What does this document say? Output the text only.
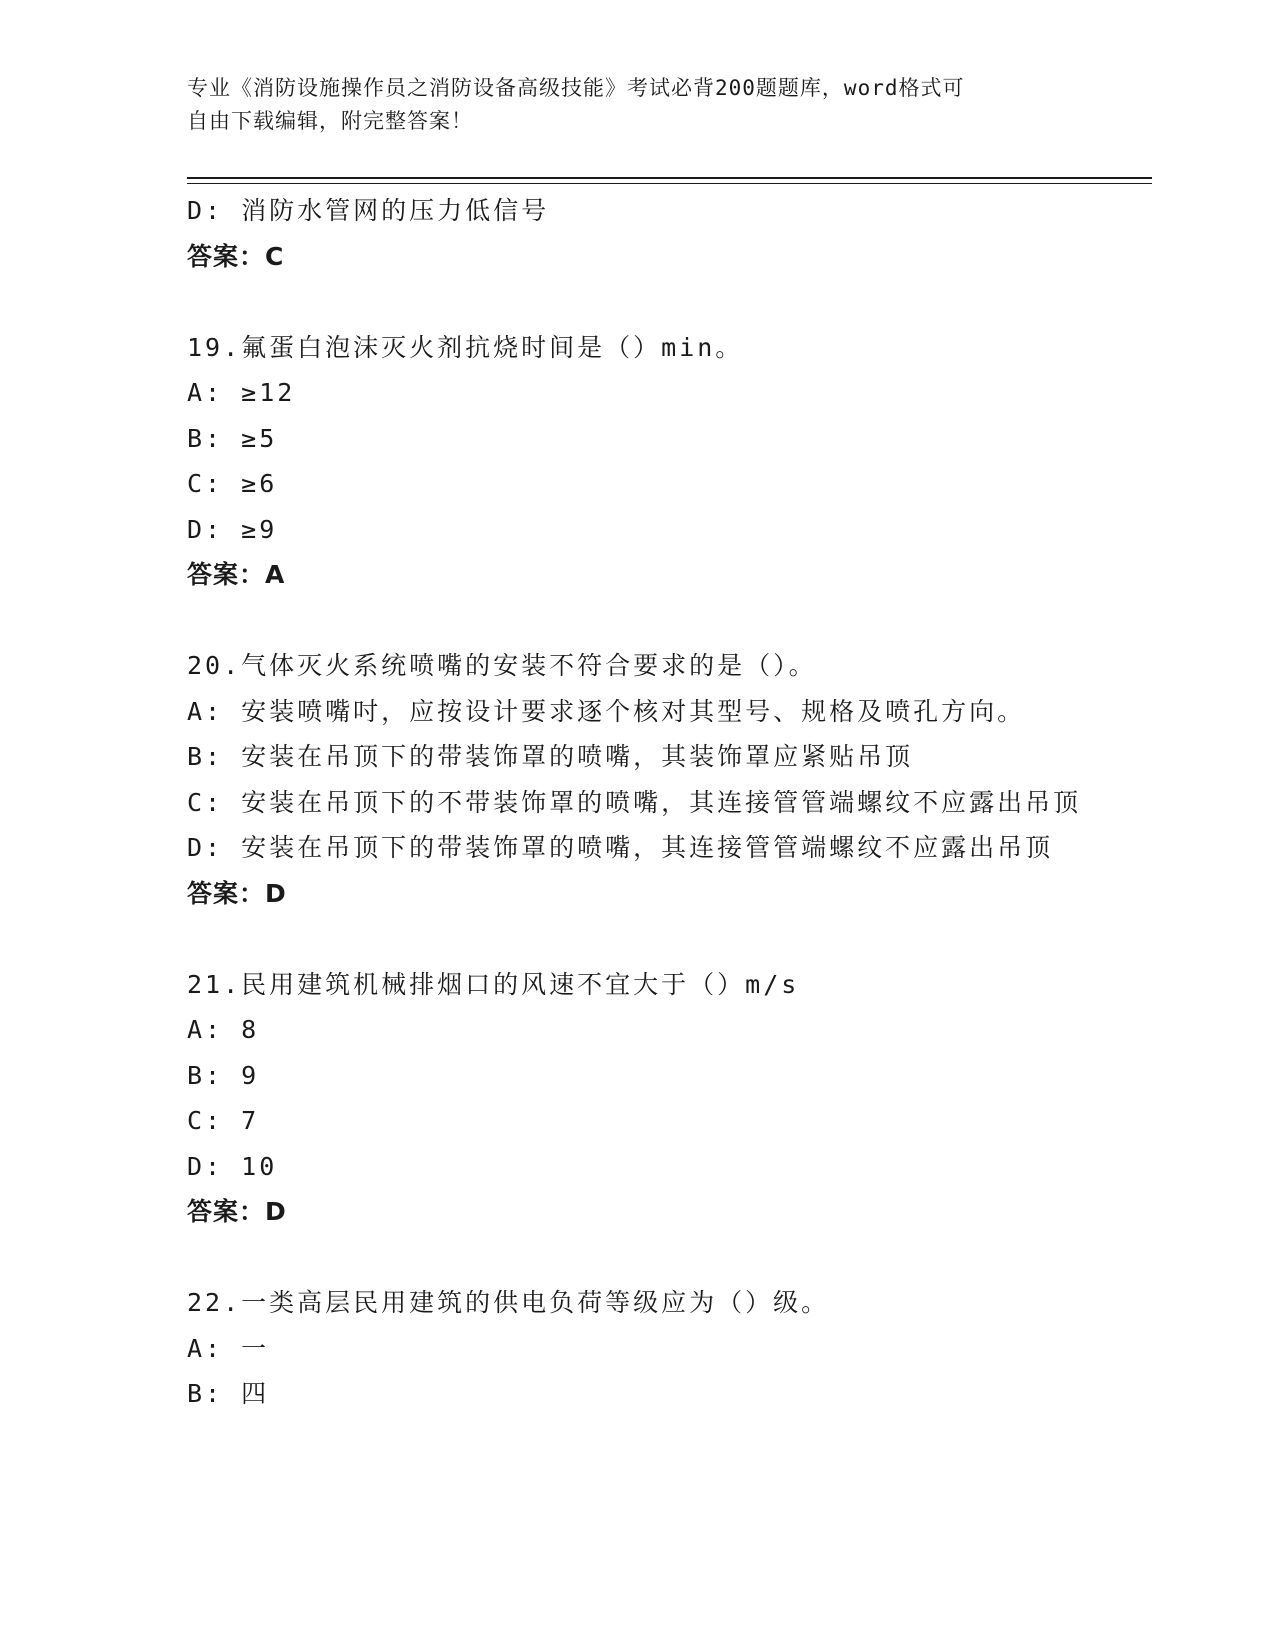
专业《消防设施操作员之消防设备高级技能》考试必背200题题库，word格式可
自由下载编辑，附完整答案！
D: 消防水管网的压力低信号
答案：C
19.氟蛋白泡沫灭火剂抗烧时间是（）min。
A: ≥12
B: ≥5
C: ≥6
D: ≥9
答案：A
20.气体灭火系统喷嘴的安装不符合要求的是（）。
A: 安装喷嘴吋，应按设计要求逐个核对其型号、规格及喷孔方向。
B: 安装在吊顶下的带装饰罩的喷嘴，其装饰罩应紧贴吊顶
C: 安装在吊顶下的不带装饰罩的喷嘴，其连接管管端螺纹不应露出吊顶
D: 安装在吊顶下的带装饰罩的喷嘴，其连接管管端螺纹不应露出吊顶
答案：D
21.民用建筑机械排烟口的风速不宜大于（）m/s
A: 8
B: 9
C: 7
D: 10
答案：D
22.一类高层民用建筑的供电负荷等级应为（）级。
A: 一
B: 四
